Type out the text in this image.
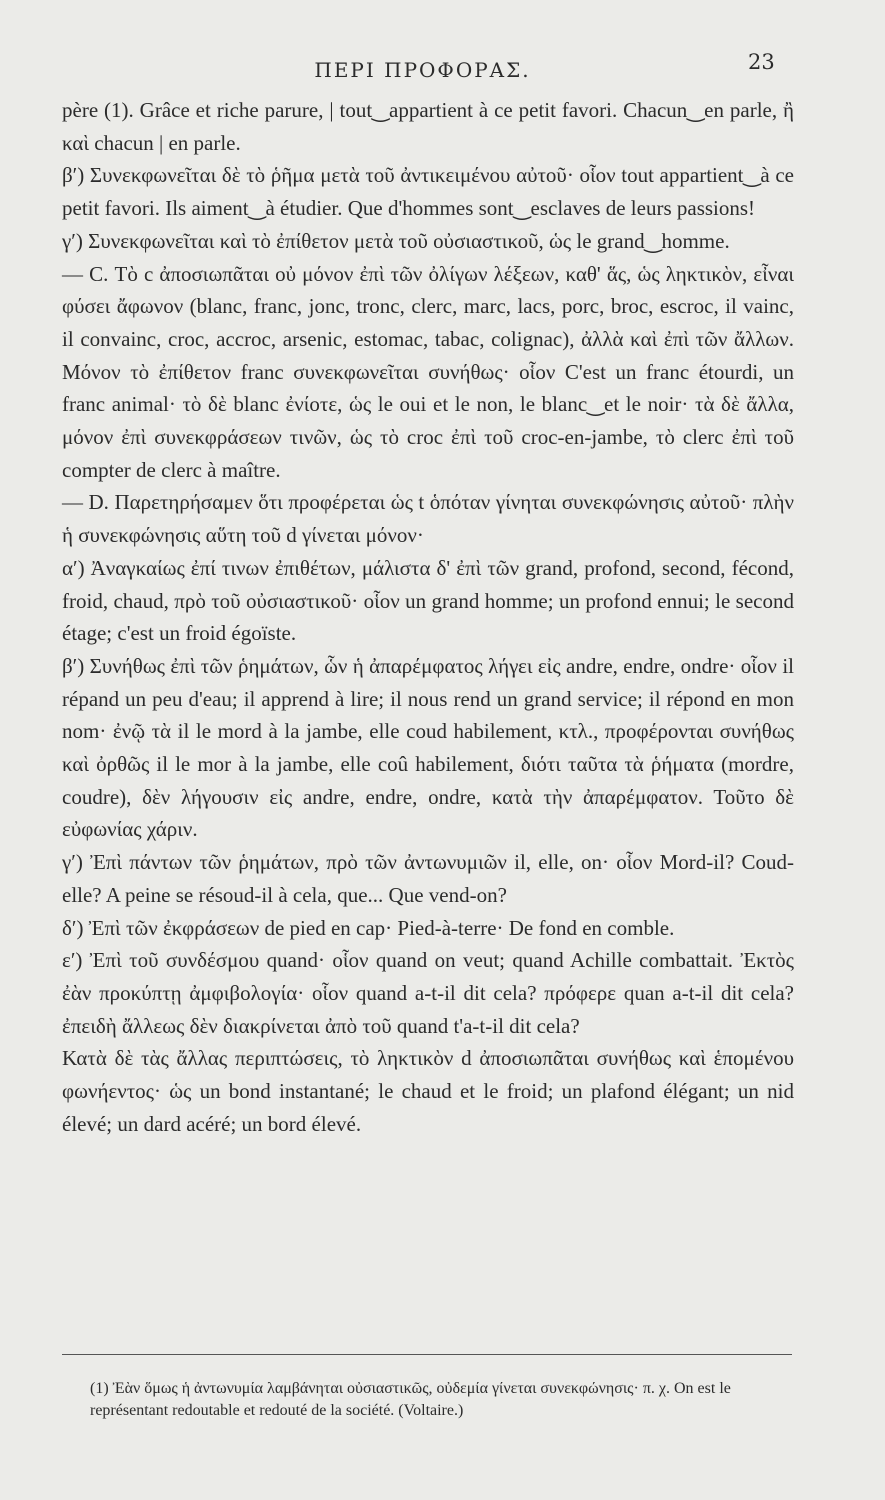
ΠΕΡΙ ΠΡΟΦΟΡΑΣ.	23

père (1). Grâce et riche parure, | tout‿appartient à ce petit favori. Chacun‿en parle, ἢ καὶ chacun | en parle.

β′) Συνεκφωνεῖται δὲ τὸ ῥῆμα μετὰ τοῦ ἀντικειμένου αὐτοῦ· οἷον tout appartient‿à ce petit favori. Ils aiment‿à étudier. Que d'hommes sont‿esclaves de leurs passions!

γ′) Συνεκφωνεῖται καὶ τὸ ἐπίθετον μετὰ τοῦ οὐσιαστικοῦ, ὡς le grand‿homme.

— C. Τὸ c ἀποσιωπᾶται οὐ μόνον ἐπὶ τῶν ὀλίγων λέξεων, καθ' ἅς, ὡς ληκτικὸν, εἶναι φύσει ἄφωνον (blanc, franc, jonc, tronc, clerc, marc, lacs, porc, broc, escroc, il vainc, il convainc, croc, accroc, arsenic, estomac, tabac, colignac), ἀλλὰ καὶ ἐπὶ τῶν ἄλλων. Μόνον τὸ ἐπίθετον franc συνεκφωνεῖται συνήθως· οἷον C'est un franc étourdi, un franc animal· τὸ δὲ blanc ἐνίοτε, ὡς le oui et le non, le blanc‿et le noir· τὰ δὲ ἄλλα, μόνον ἐπὶ συνεκφράσεων τινῶν, ὡς τὸ croc ἐπὶ τοῦ croc-en-jambe, τὸ clerc ἐπὶ τοῦ compter de clerc à maître.

— D. Παρετηρήσαμεν ὅτι προφέρεται ὡς t ὁπόταν γίνηται συνεκφώνησις αὐτοῦ· πλὴν ἡ συνεκφώνησις αὕτη τοῦ d γίνεται μόνον·

α′) Ἀναγκαίως ἐπί τινων ἐπιθέτων, μάλιστα δ' ἐπὶ τῶν grand, profond, second, fécond, froid, chaud, πρὸ τοῦ οὐσιαστικοῦ· οἷον un grand homme; un profond ennui; le second étage; c'est un froid égoïste.

β′) Συνήθως ἐπὶ τῶν ῥημάτων, ὧν ἡ ἀπαρέμφατος λήγει εἰς andre, endre, ondre· οἷον il répand un peu d'eau; il apprend à lire; il nous rend un grand service; il répond en mon nom· ἐνῷ τὰ il le mord à la jambe, elle coud habilement, κτλ., προφέρονται συνήθως καὶ ὀρθῶς il le mor à la jambe, elle coû habilement, διότι ταῦτα τὰ ῥήματα (mordre, coudre), δὲν λήγουσιν εἰς andre, endre, ondre, κατὰ τὴν ἀπαρέμφατον. Τοῦτο δὲ εὐφωνίας χάριν.

γ′) Ἐπὶ πάντων τῶν ῥημάτων, πρὸ τῶν ἀντωνυμιῶν il, elle, on· οἷον Mord-il? Coud-elle? A peine se résoud-il à cela, que... Que vend-on?

δ′) Ἐπὶ τῶν ἐκφράσεων de pied en cap· Pied-à-terre· De fond en comble.

ε′) Ἐπὶ τοῦ συνδέσμου quand· οἷον quand on veut; quand Achille combattait. Ἐκτὸς ἐὰν προκύπτῃ ἀμφιβολογία· οἷον quand a-t-il dit cela? πρόφερε quan a-t-il dit cela? ἐπειδὴ ἄλλεως δὲν διακρίνεται ἀπὸ τοῦ quand t'a-t-il dit cela?

Κατὰ δὲ τὰς ἄλλας περιπτώσεις, τὸ ληκτικὸν d ἀποσιωπᾶται συνήθως καὶ ἑπομένου φωνήεντος· ὡς un bond instantané; le chaud et le froid; un plafond élégant; un nid élevé; un dard acéré; un bord élevé.

(1) Ἐὰν ὅμως ἡ ἀντωνυμία λαμβάνηται οὐσιαστικῶς, οὐδεμία γίνεται συνεκφώνησις· π. χ. On est le représentant redoutable et redouté de la société. (Voltaire.)
